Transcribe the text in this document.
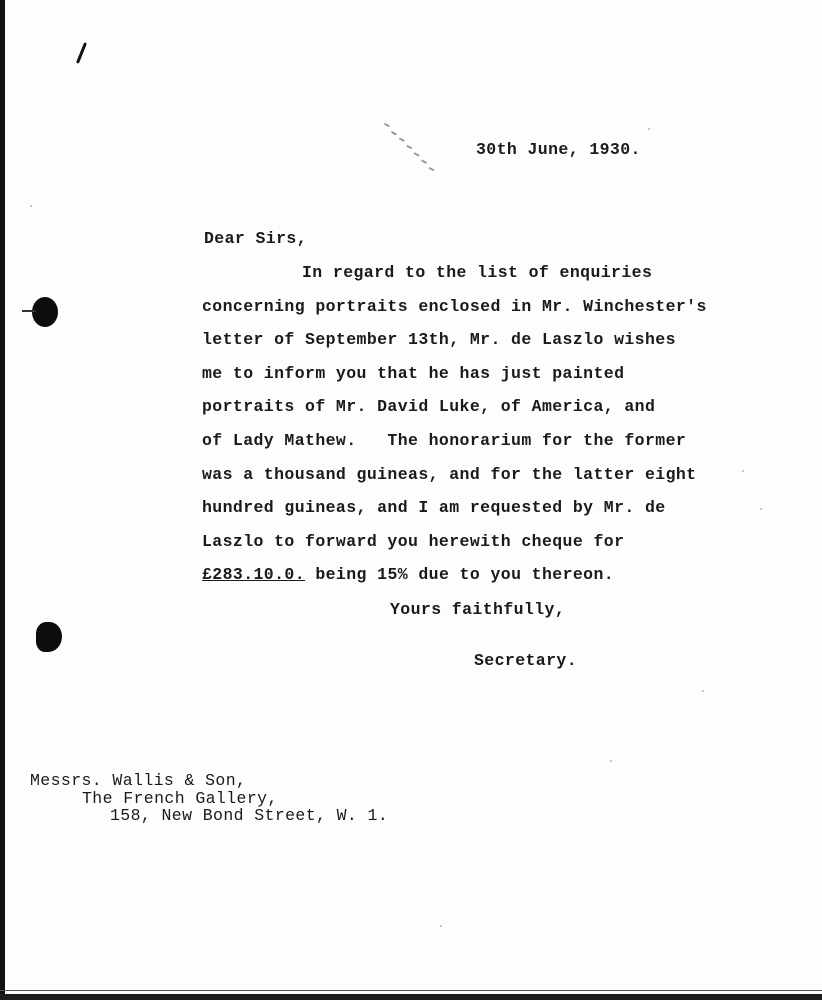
30th June, 1930.
Dear Sirs,
In regard to the list of enquiries
concerning portraits enclosed in Mr. Winchester's
letter of September 13th, Mr. de Laszlo wishes
me to inform you that he has just painted
portraits of Mr. David Luke, of America, and
of Lady Mathew.   The honorarium for the former
was a thousand guineas, and for the latter eight
hundred guineas, and I am requested by Mr. de
Laszlo to forward you herewith cheque for
£283.10.0. being 15% due to you thereon.
Yours faithfully,
Secretary.
Messrs. Wallis & Son,
The French Gallery,
158, New Bond Street, W. 1.
